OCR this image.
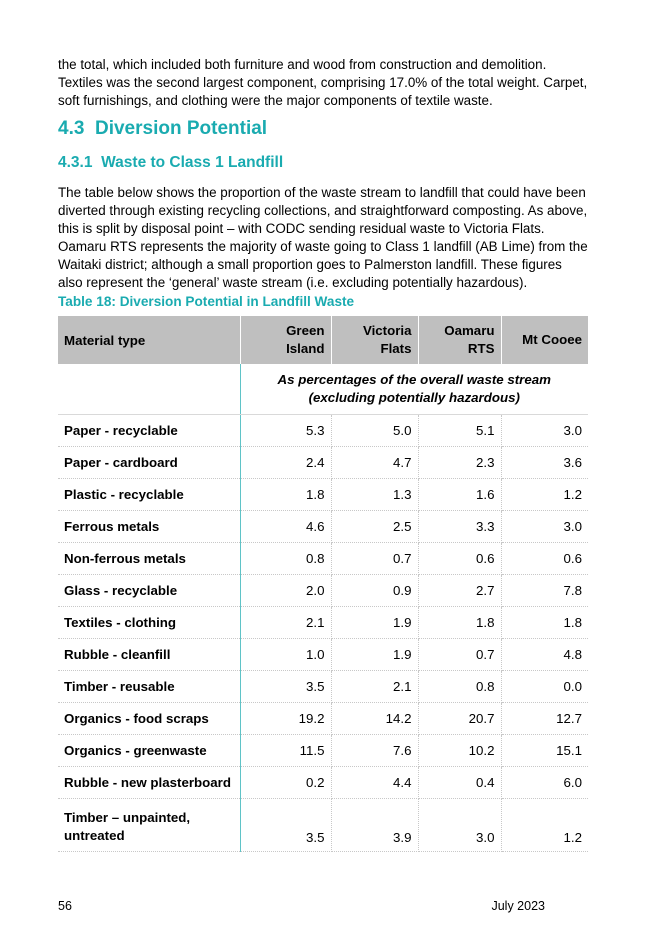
the total, which included both furniture and wood from construction and demolition. Textiles was the second largest component, comprising 17.0% of the total weight. Carpet, soft furnishings, and clothing were the major components of textile waste.

4.3 Diversion Potential
4.3.1 Waste to Class 1 Landfill

The table below shows the proportion of the waste stream to landfill that could have been diverted through existing recycling collections, and straightforward composting. As above, this is split by disposal point – with CODC sending residual waste to Victoria Flats. Oamaru RTS represents the majority of waste going to Class 1 landfill (AB Lime) from the Waitaki district; although a small proportion goes to Palmerston landfill. These figures also represent the ‘general’ waste stream (i.e. excluding potentially hazardous).

Table 18: Diversion Potential in Landfill Waste

Material type	Green Island	Victoria Flats	Oamaru RTS	Mt Cooee
	As percentages of the overall waste stream (excluding potentially hazardous)			
Paper - recyclable	5.3	5.0	5.1	3.0
Paper - cardboard	2.4	4.7	2.3	3.6
Plastic - recyclable	1.8	1.3	1.6	1.2
Ferrous metals	4.6	2.5	3.3	3.0
Non-ferrous metals	0.8	0.7	0.6	0.6
Glass - recyclable	2.0	0.9	2.7	7.8
Textiles - clothing	2.1	1.9	1.8	1.8
Rubble - cleanfill	1.0	1.9	0.7	4.8
Timber - reusable	3.5	2.1	0.8	0.0
Organics - food scraps	19.2	14.2	20.7	12.7
Organics - greenwaste	11.5	7.6	10.2	15.1
Rubble - new plasterboard	0.2	4.4	0.4	6.0
Timber – unpainted, untreated	3.5	3.9	3.0	1.2

56	July 2023
